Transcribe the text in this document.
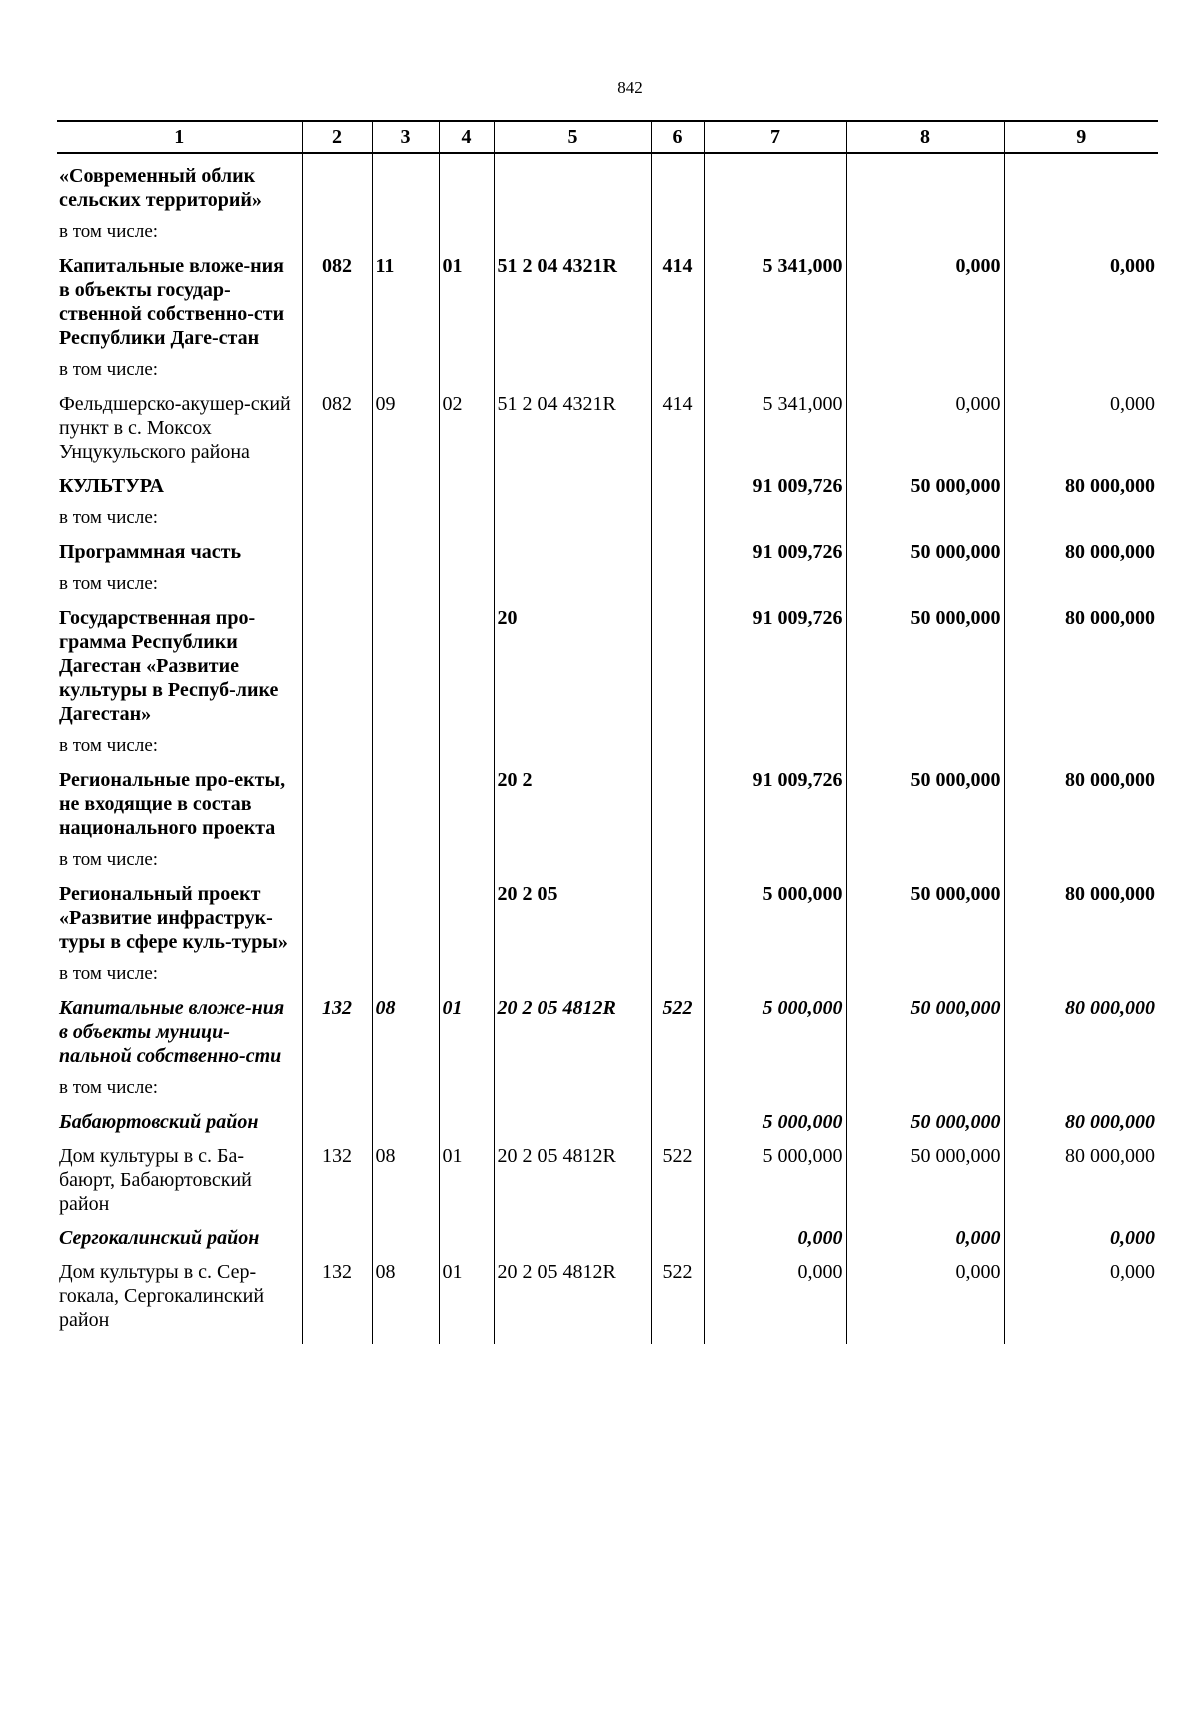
842
1	2	3	4	5	6	7	8	9

«Современный облик сельских территорий»								

в том числе:								

Капитальные вложе-ния в объекты государ-ственной собственно-сти Республики Даге-стан	082	11	01	51 2 04 4321R	414	5 341,000	0,000	0,000

в том числе:								

Фельдшерско-акушер-ский пункт в с. Моксох Унцукульского района	082	09	02	51 2 04 4321R	414	5 341,000	0,000	0,000

КУЛЬТУРА						91 009,726	50 000,000	80 000,000

в том числе:								

Программная часть						91 009,726	50 000,000	80 000,000

в том числе:								

Государственная про-грамма Республики Дагестан «Развитие культуры в Респуб-лике Дагестан»				20		91 009,726	50 000,000	80 000,000

в том числе:								

Региональные про-екты, не входящие в состав национального проекта				20 2		91 009,726	50 000,000	80 000,000

в том числе:								

Региональный проект «Развитие инфраструк-туры в сфере куль-туры»				20 2 05		5 000,000	50 000,000	80 000,000

в том числе:								

Капитальные вложе-ния в объекты муници-пальной собственно-сти	132	08	01	20 2 05 4812R	522	5 000,000	50 000,000	80 000,000

в том числе:								

Бабаюртовский район						5 000,000	50 000,000	80 000,000

Дом культуры в с. Ба-баюрт, Бабаюртовский район	132	08	01	20 2 05 4812R	522	5 000,000	50 000,000	80 000,000

Сергокалинский район						0,000	0,000	0,000

Дом культуры в с. Сер-гокала, Сергокалинский район	132	08	01	20 2 05 4812R	522	0,000	0,000	0,000
